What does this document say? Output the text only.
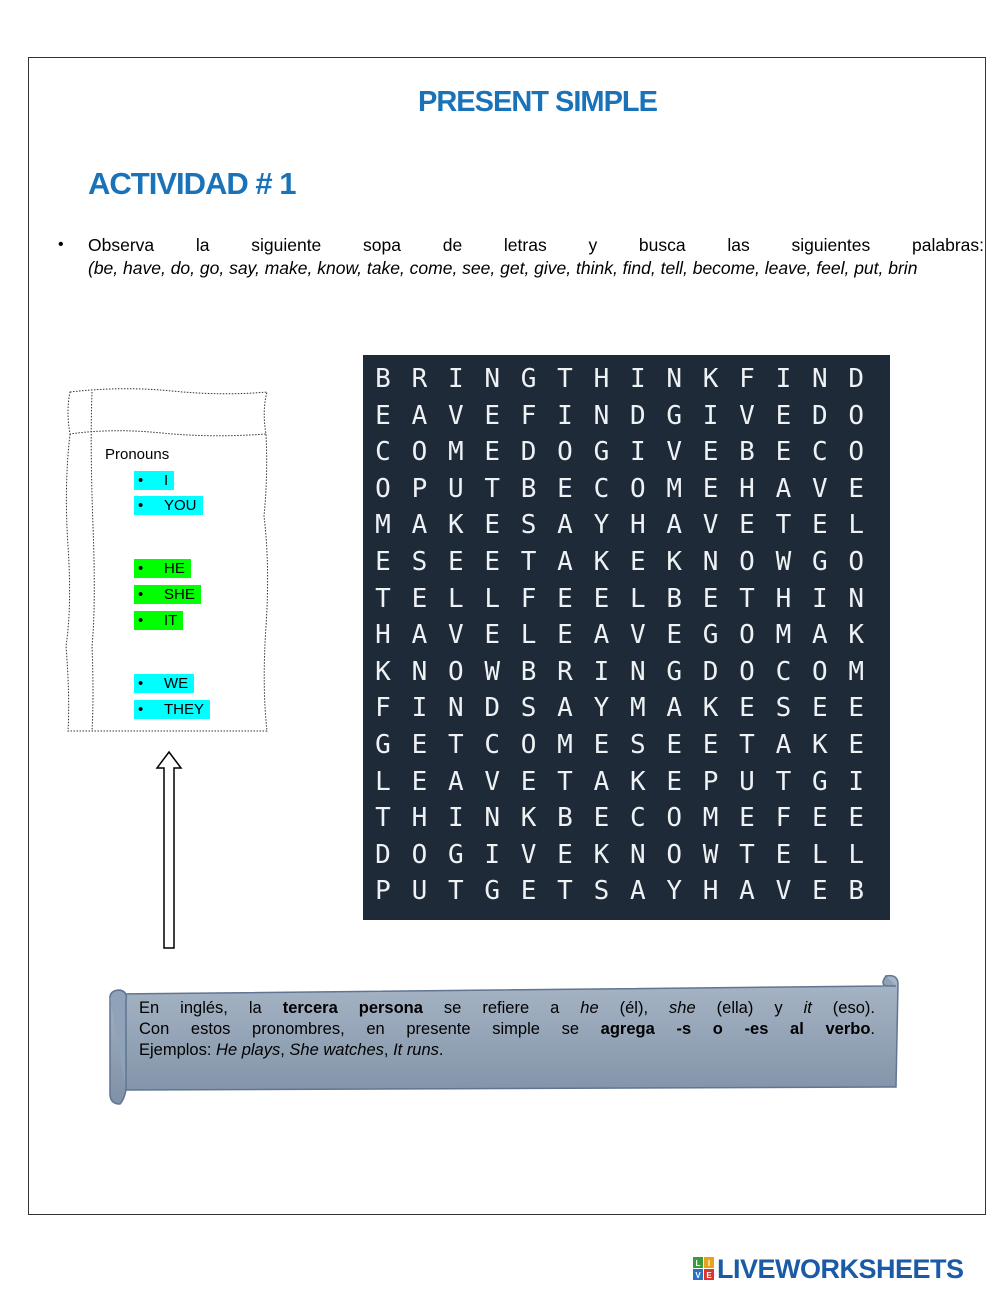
PRESENT SIMPLE
ACTIVIDAD # 1
• Observa la siguiente sopa de letras y busca las siguientes palabras:
(be, have, do, go, say, make, know, take, come, see, get, give, think, find, tell, become, leave, feel, put, brin
Pronouns
• I
• YOU
• HE
• SHE
• IT
• WE
• THEY
B R I N G T H I N K F I N D
E A V E F I N D G I V E D O
C O M E D O G I V E B E C O
O P U T B E C O M E H A V E
M A K E S A Y H A V E T E L
E S E E T A K E K N O W G O
T E L L F E E L B E T H I N
H A V E L E A V E G O M A K
K N O W B R I N G D O C O M
F I N D S A Y M A K E S E E
G E T C O M E S E E T A K E
L E A V E T A K E P U T G I
T H I N K B E C O M E F E E
D O G I V E K N O W T E L L
P U T G E T S A Y H A V E B
En inglés, la tercera persona se refiere a he (él), she (ella) y it (eso).
Con estos pronombres, en presente simple se agrega -s o -es al verbo.
Ejemplos: He plays, She watches, It runs.
L I
V E LIVEWORKSHEETS
